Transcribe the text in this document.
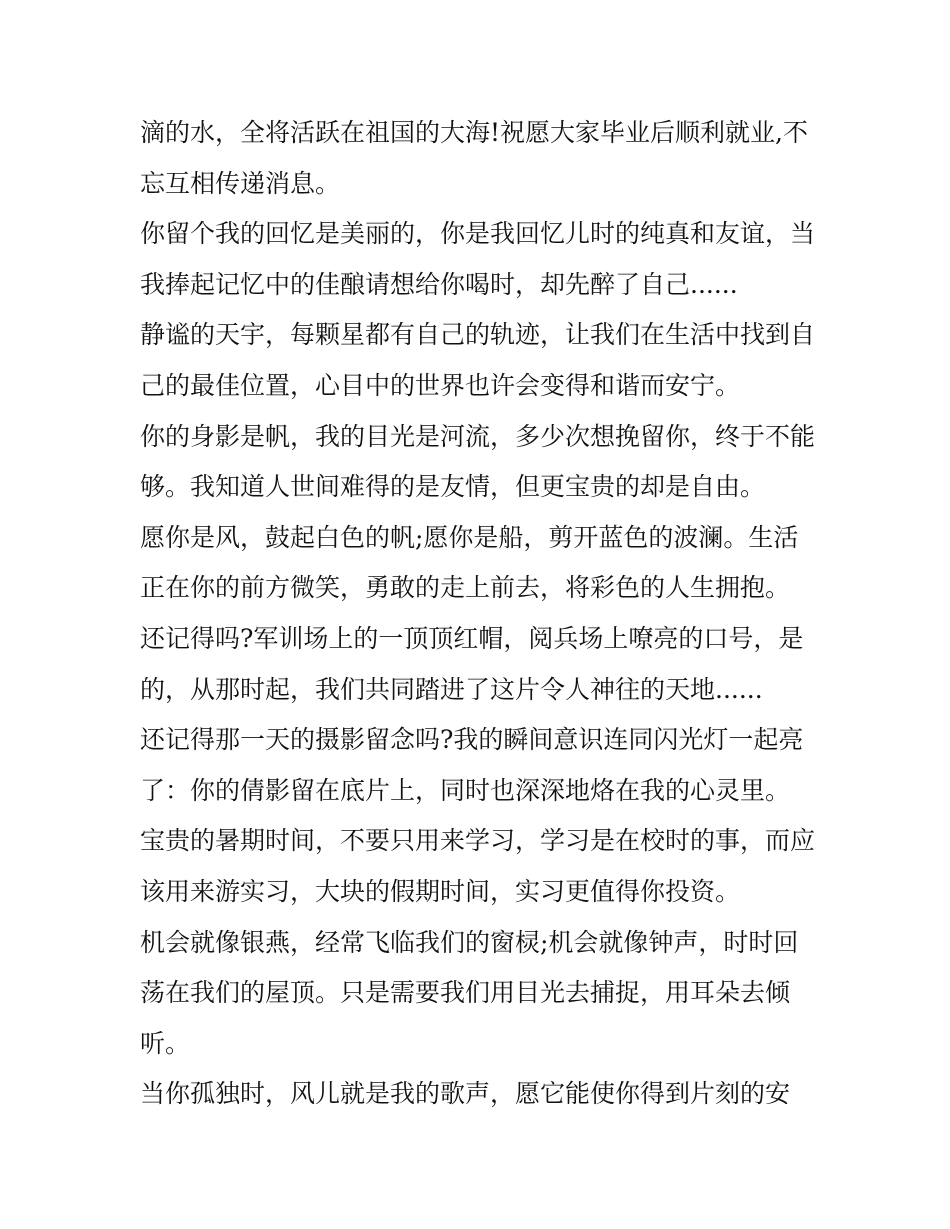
滴的水，全将活跃在祖国的大海!祝愿大家毕业后顺利就业,不
忘互相传递消息。

你留个我的回忆是美丽的，你是我回忆儿时的纯真和友谊，当
我捧起记忆中的佳酿请想给你喝时，却先醉了自己......

静谧的天宇，每颗星都有自己的轨迹，让我们在生活中找到自
己的最佳位置，心目中的世界也许会变得和谐而安宁。

你的身影是帆，我的目光是河流，多少次想挽留你，终于不能
够。我知道人世间难得的是友情，但更宝贵的却是自由。

愿你是风，鼓起白色的帆;愿你是船，剪开蓝色的波澜。生活
正在你的前方微笑，勇敢的走上前去，将彩色的人生拥抱。

还记得吗?军训场上的一顶顶红帽，阅兵场上嘹亮的口号，是
的，从那时起，我们共同踏进了这片令人神往的天地......

还记得那一天的摄影留念吗?我的瞬间意识连同闪光灯一起亮
了：你的倩影留在底片上，同时也深深地烙在我的心灵里。

宝贵的暑期时间，不要只用来学习，学习是在校时的事，而应
该用来游实习，大块的假期时间，实习更值得你投资。

机会就像银燕，经常飞临我们的窗棂;机会就像钟声，时时回
荡在我们的屋顶。只是需要我们用目光去捕捉，用耳朵去倾
听。

当你孤独时，风儿就是我的歌声，愿它能使你得到片刻的安
